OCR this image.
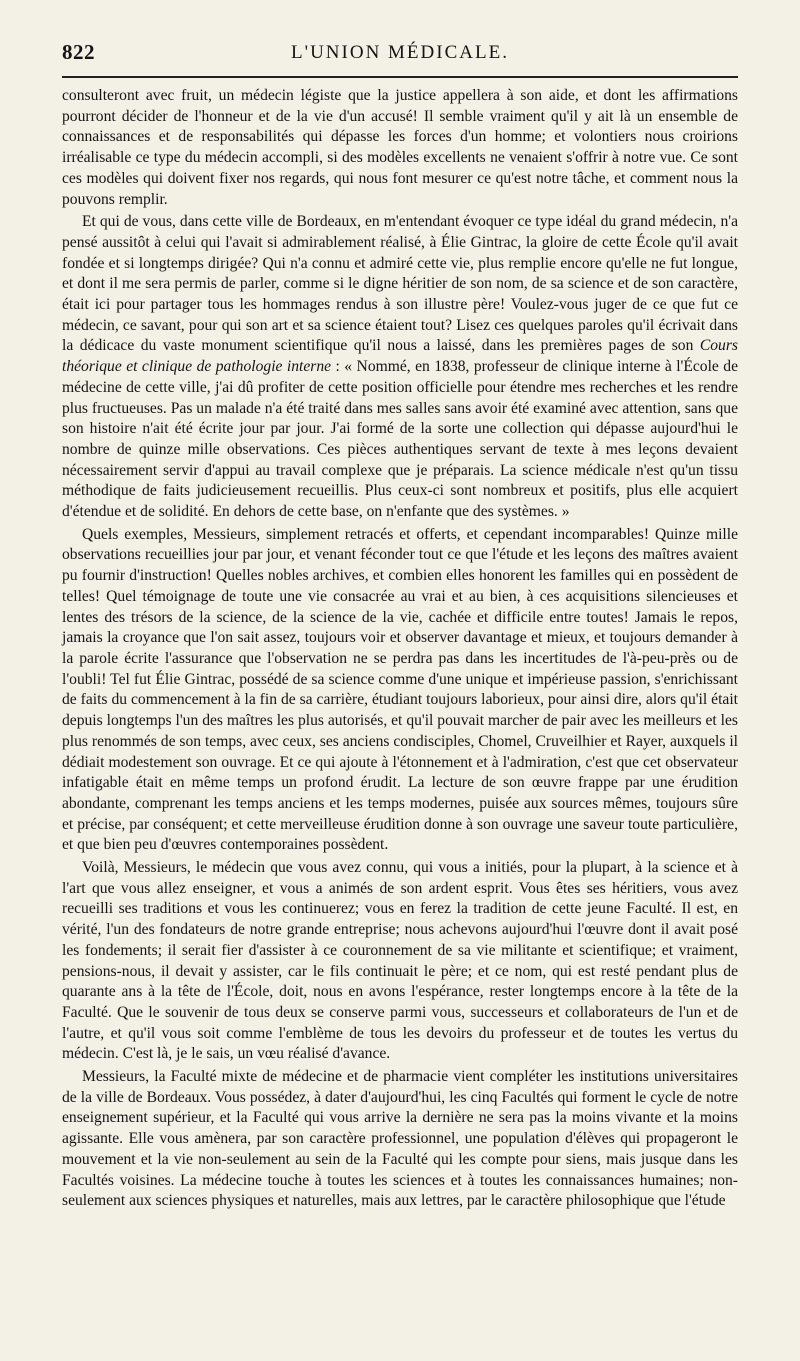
822	L'UNION MÉDICALE.

consulteront avec fruit, un médecin légiste que la justice appellera à son aide, et dont les affirmations pourront décider de l'honneur et de la vie d'un accusé! Il semble vraiment qu'il y ait là un ensemble de connaissances et de responsabilités qui dépasse les forces d'un homme; et volontiers nous croirions irréalisable ce type du médecin accompli, si des modèles excellents ne venaient s'offrir à notre vue. Ce sont ces modèles qui doivent fixer nos regards, qui nous font mesurer ce qu'est notre tâche, et comment nous la pouvons remplir.

Et qui de vous, dans cette ville de Bordeaux, en m'entendant évoquer ce type idéal du grand médecin, n'a pensé aussitôt à celui qui l'avait si admirablement réalisé, à Élie Gintrac, la gloire de cette École qu'il avait fondée et si longtemps dirigée? Qui n'a connu et admiré cette vie, plus remplie encore qu'elle ne fut longue, et dont il me sera permis de parler, comme si le digne héritier de son nom, de sa science et de son caractère, était ici pour partager tous les hommages rendus à son illustre père! Voulez-vous juger de ce que fut ce médecin, ce savant, pour qui son art et sa science étaient tout? Lisez ces quelques paroles qu'il écrivait dans la dédicace du vaste monument scientifique qu'il nous a laissé, dans les premières pages de son Cours théorique et clinique de pathologie interne : « Nommé, en 1838, professeur de clinique interne à l'École de médecine de cette ville, j'ai dû profiter de cette position officielle pour étendre mes recherches et les rendre plus fructueuses. Pas un malade n'a été traité dans mes salles sans avoir été examiné avec attention, sans que son histoire n'ait été écrite jour par jour. J'ai formé de la sorte une collection qui dépasse aujourd'hui le nombre de quinze mille observations. Ces pièces authentiques servant de texte à mes leçons devaient nécessairement servir d'appui au travail complexe que je préparais. La science médicale n'est qu'un tissu méthodique de faits judicieusement recueillis. Plus ceux-ci sont nombreux et positifs, plus elle acquiert d'étendue et de solidité. En dehors de cette base, on n'enfante que des systèmes. »

Quels exemples, Messieurs, simplement retracés et offerts, et cependant incomparables! Quinze mille observations recueillies jour par jour, et venant féconder tout ce que l'étude et les leçons des maîtres avaient pu fournir d'instruction! Quelles nobles archives, et combien elles honorent les familles qui en possèdent de telles! Quel témoignage de toute une vie consacrée au vrai et au bien, à ces acquisitions silencieuses et lentes des trésors de la science, de la science de la vie, cachée et difficile entre toutes! Jamais le repos, jamais la croyance que l'on sait assez, toujours voir et observer davantage et mieux, et toujours demander à la parole écrite l'assurance que l'observation ne se perdra pas dans les incertitudes de l'à-peu-près ou de l'oubli! Tel fut Élie Gintrac, possédé de sa science comme d'une unique et impérieuse passion, s'enrichissant de faits du commencement à la fin de sa carrière, étudiant toujours laborieux, pour ainsi dire, alors qu'il était depuis longtemps l'un des maîtres les plus autorisés, et qu'il pouvait marcher de pair avec les meilleurs et les plus renommés de son temps, avec ceux, ses anciens condisciples, Chomel, Cruveilhier et Rayer, auxquels il dédiait modestement son ouvrage. Et ce qui ajoute à l'étonnement et à l'admiration, c'est que cet observateur infatigable était en même temps un profond érudit. La lecture de son œuvre frappe par une érudition abondante, comprenant les temps anciens et les temps modernes, puisée aux sources mêmes, toujours sûre et précise, par conséquent; et cette merveilleuse érudition donne à son ouvrage une saveur toute particulière, et que bien peu d'œuvres contemporaines possèdent.

Voilà, Messieurs, le médecin que vous avez connu, qui vous a initiés, pour la plupart, à la science et à l'art que vous allez enseigner, et vous a animés de son ardent esprit. Vous êtes ses héritiers, vous avez recueilli ses traditions et vous les continuerez; vous en ferez la tradition de cette jeune Faculté. Il est, en vérité, l'un des fondateurs de notre grande entreprise; nous achevons aujourd'hui l'œuvre dont il avait posé les fondements; il serait fier d'assister à ce couronnement de sa vie militante et scientifique; et vraiment, pensions-nous, il devait y assister, car le fils continuait le père; et ce nom, qui est resté pendant plus de quarante ans à la tête de l'École, doit, nous en avons l'espérance, rester longtemps encore à la tête de la Faculté. Que le souvenir de tous deux se conserve parmi vous, successeurs et collaborateurs de l'un et de l'autre, et qu'il vous soit comme l'emblème de tous les devoirs du professeur et de toutes les vertus du médecin. C'est là, je le sais, un vœu réalisé d'avance.

Messieurs, la Faculté mixte de médecine et de pharmacie vient compléter les institutions universitaires de la ville de Bordeaux. Vous possédez, à dater d'aujourd'hui, les cinq Facultés qui forment le cycle de notre enseignement supérieur, et la Faculté qui vous arrive la dernière ne sera pas la moins vivante et la moins agissante. Elle vous amènera, par son caractère professionnel, une population d'élèves qui propageront le mouvement et la vie non-seulement au sein de la Faculté qui les compte pour siens, mais jusque dans les Facultés voisines. La médecine touche à toutes les sciences et à toutes les connaissances humaines; non-seulement aux sciences physiques et naturelles, mais aux lettres, par le caractère philosophique que l'étude
